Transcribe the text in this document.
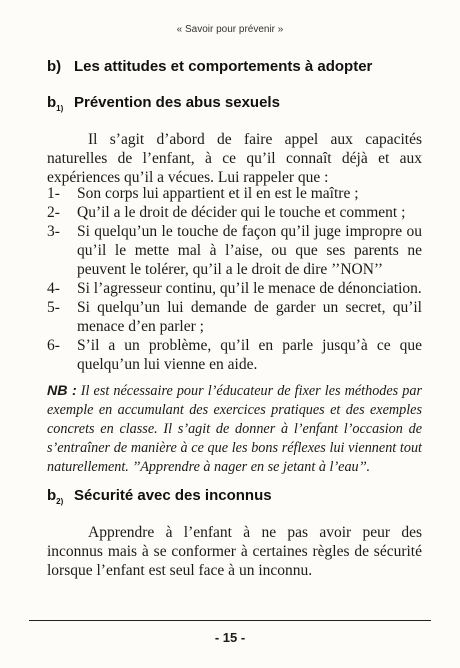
« Savoir pour prévenir »
b) Les attitudes et comportements à adopter
$b_{1)}$ Prévention des abus sexuels
Il s’agit d’abord de faire appel aux capacités
naturelles de l’enfant, à ce qu’il connaît déjà et aux
expériences qu’il a vécues. Lui rappeler que :
1-	Son corps lui appartient et il en est le maître ;
2-	Qu’il a le droit de décider qui le touche et comment ;
3-	Si quelqu’un le touche de façon qu’il juge impropre ou qu’il le mette mal à l’aise, ou que ses parents ne peuvent le tolérer, qu’il a le droit de dire ’’NON’’
4-	Si l’agresseur continu, qu’il le menace de dénonciation.
5-	Si quelqu’un lui demande de garder un secret, qu’il menace d’en parler ;
6-	S’il a un problème, qu’il en parle jusqu’à ce que quelqu’un lui vienne en aide.
NB : Il est nécessaire pour l’éducateur de fixer les méthodes par exemple en accumulant des exercices pratiques et des exemples concrets en classe. Il s’agit de donner à l’enfant l’occasion de s’entraîner de manière à ce que les bons réflexes lui viennent tout naturellement. ’’Apprendre à nager en se jetant à l’eau’’.
$b_{2)}$ Sécurité avec des inconnus
Apprendre à l’enfant à ne pas avoir peur des inconnus mais à se conformer à certaines règles de sécurité lorsque l’enfant est seul face à un inconnu.
- 15 -
